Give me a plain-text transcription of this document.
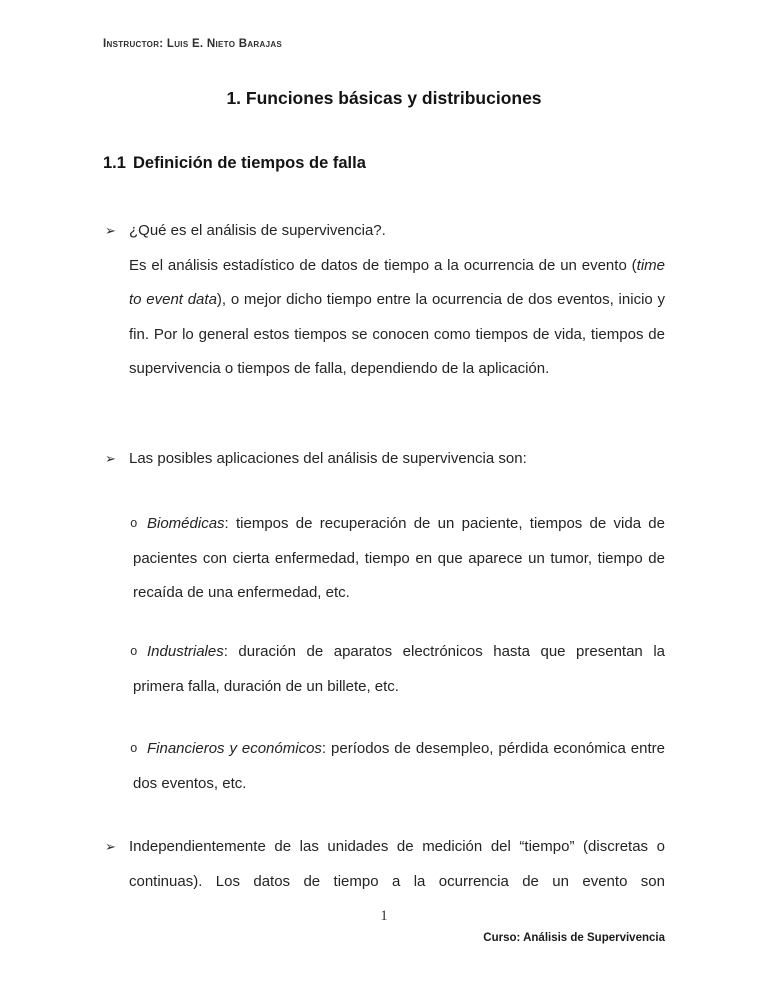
Instructor: Luis E. Nieto Barajas
1. Funciones básicas y distribuciones
1.1 Definición de tiempos de falla
➢ ¿Qué es el análisis de supervivencia?.
Es el análisis estadístico de datos de tiempo a la ocurrencia de un evento (time to event data), o mejor dicho tiempo entre la ocurrencia de dos eventos, inicio y fin. Por lo general estos tiempos se conocen como tiempos de vida, tiempos de supervivencia o tiempos de falla, dependiendo de la aplicación.
➢ Las posibles aplicaciones del análisis de supervivencia son:
o Biomédicas: tiempos de recuperación de un paciente, tiempos de vida de pacientes con cierta enfermedad, tiempo en que aparece un tumor, tiempo de recaída de una enfermedad, etc.
o Industriales: duración de aparatos electrónicos hasta que presentan la primera falla, duración de un billete, etc.
o Financieros y económicos: períodos de desempleo, pérdida económica entre dos eventos, etc.
➢ Independientemente de las unidades de medición del “tiempo” (discretas o continuas). Los datos de tiempo a la ocurrencia de un evento son
1
Curso: Análisis de Supervivencia
